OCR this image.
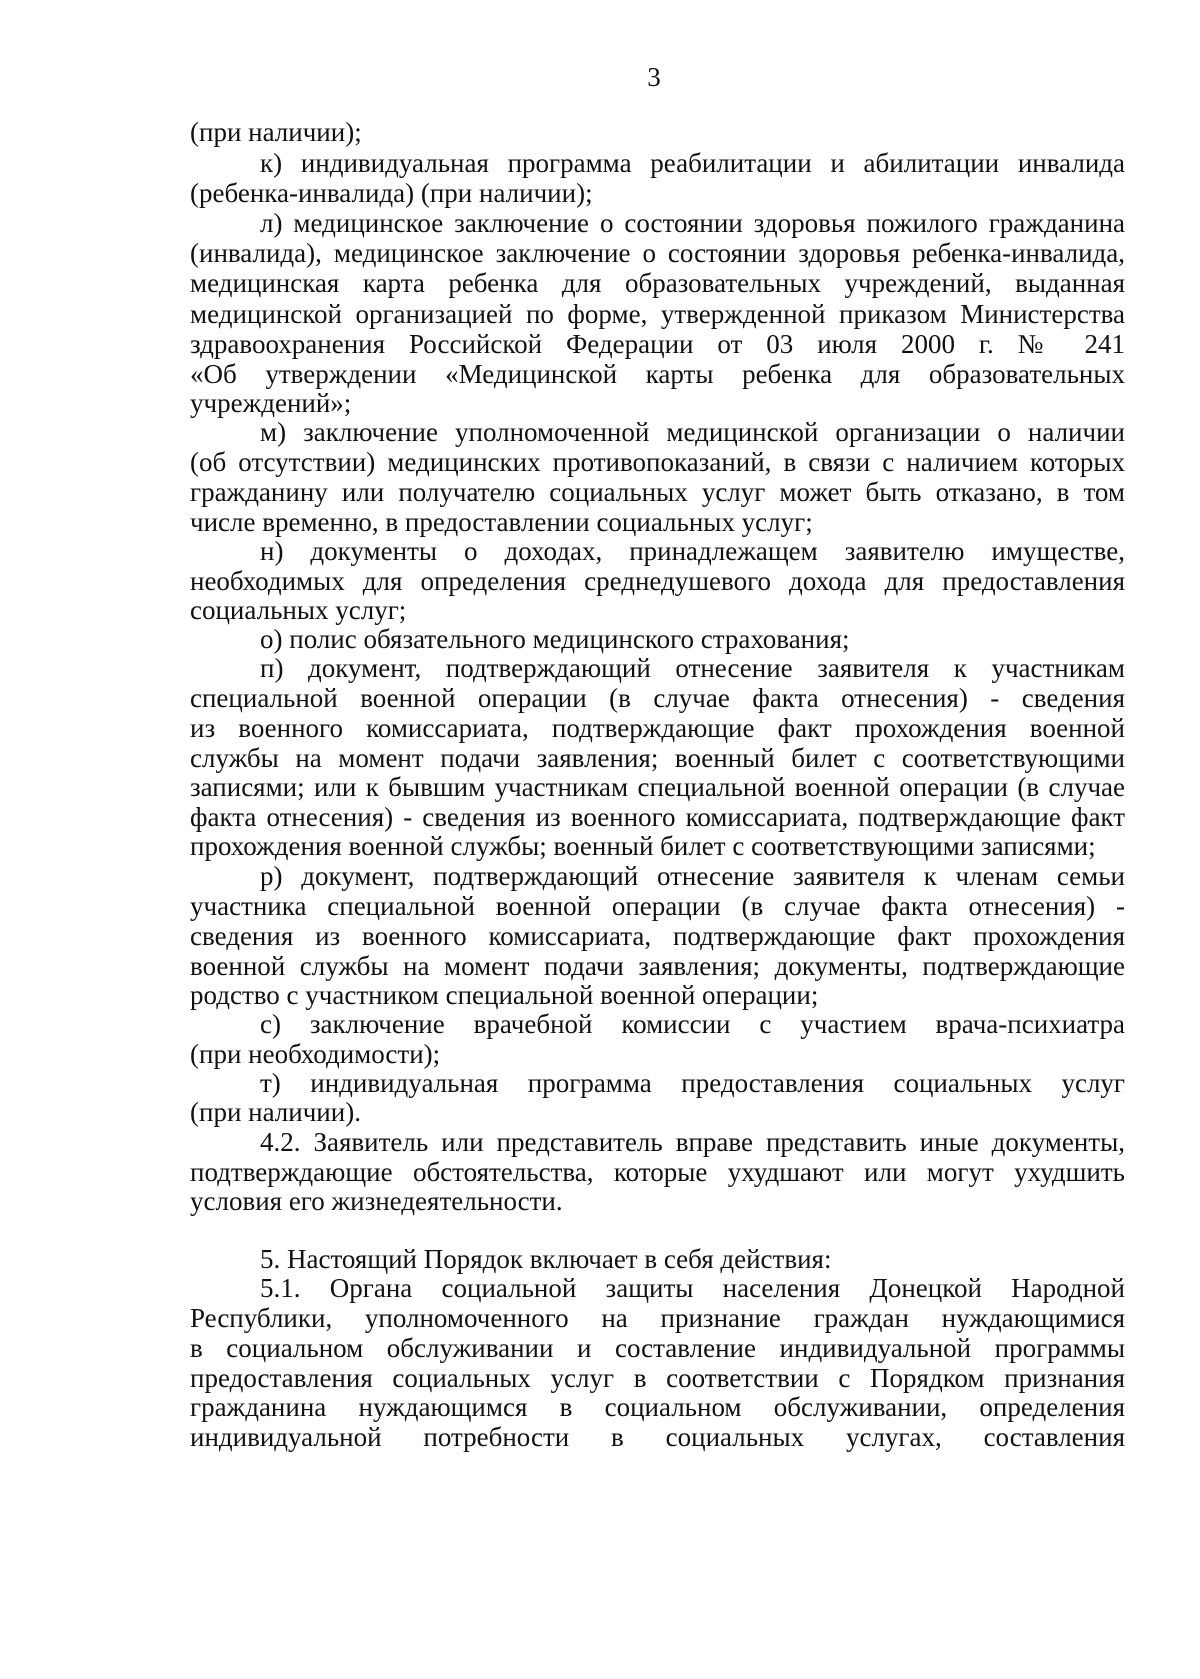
3
(при наличии);
к) индивидуальная программа реабилитации и абилитации инвалида
(ребенка-инвалида) (при наличии);
л) медицинское заключение о состоянии здоровья пожилого гражданина
(инвалида), медицинское заключение о состоянии здоровья ребенка-инвалида,
медицинская карта ребенка для образовательных учреждений, выданная
медицинской организацией по форме, утвержденной приказом Министерства
здравоохранения Российской Федерации от 03 июля 2000 г. № 241
«Об утверждении «Медицинской карты ребенка для образовательных
учреждений»;
м) заключение уполномоченной медицинской организации о наличии
(об отсутствии) медицинских противопоказаний, в связи с наличием которых
гражданину или получателю социальных услуг может быть отказано, в том
числе временно, в предоставлении социальных услуг;
н) документы о доходах, принадлежащем заявителю имуществе,
необходимых для определения среднедушевого дохода для предоставления
социальных услуг;
о) полис обязательного медицинского страхования;
п) документ, подтверждающий отнесение заявителя к участникам
специальной военной операции (в случае факта отнесения) - сведения
из военного комиссариата, подтверждающие факт прохождения военной
службы на момент подачи заявления; военный билет с соответствующими
записями; или к бывшим участникам специальной военной операции (в случае
факта отнесения) - сведения из военного комиссариата, подтверждающие факт
прохождения военной службы; военный билет с соответствующими записями;
р) документ, подтверждающий отнесение заявителя к членам семьи
участника специальной военной операции (в случае факта отнесения) -
сведения из военного комиссариата, подтверждающие факт прохождения
военной службы на момент подачи заявления; документы, подтверждающие
родство с участником специальной военной операции;
с) заключение врачебной комиссии с участием врача-психиатра
(при необходимости);
т) индивидуальная программа предоставления социальных услуг
(при наличии).
4.2. Заявитель или представитель вправе представить иные документы,
подтверждающие обстоятельства, которые ухудшают или могут ухудшить
условия его жизнедеятельности.
5. Настоящий Порядок включает в себя действия:
5.1. Органа социальной защиты населения Донецкой Народной
Республики, уполномоченного на признание граждан нуждающимися
в социальном обслуживании и составление индивидуальной программы
предоставления социальных услуг в соответствии с Порядком признания
гражданина нуждающимся в социальном обслуживании, определения
индивидуальной потребности в социальных услугах, составления
